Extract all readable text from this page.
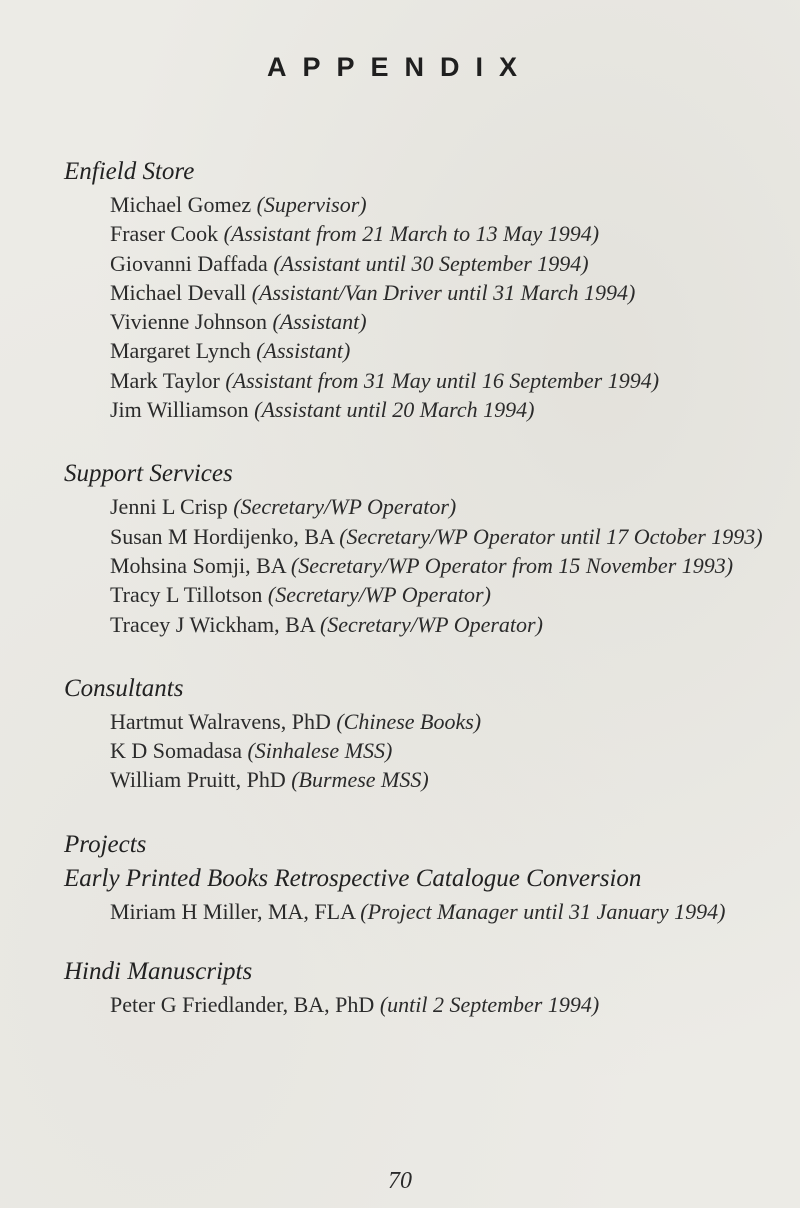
APPENDIX
Enfield Store
Michael Gomez (Supervisor)
Fraser Cook (Assistant from 21 March to 13 May 1994)
Giovanni Daffada (Assistant until 30 September 1994)
Michael Devall (Assistant/Van Driver until 31 March 1994)
Vivienne Johnson (Assistant)
Margaret Lynch (Assistant)
Mark Taylor (Assistant from 31 May until 16 September 1994)
Jim Williamson (Assistant until 20 March 1994)
Support Services
Jenni L Crisp (Secretary/WP Operator)
Susan M Hordijenko, BA (Secretary/WP Operator until 17 October 1993)
Mohsina Somji, BA (Secretary/WP Operator from 15 November 1993)
Tracy L Tillotson (Secretary/WP Operator)
Tracey J Wickham, BA (Secretary/WP Operator)
Consultants
Hartmut Walravens, PhD (Chinese Books)
K D Somadasa (Sinhalese MSS)
William Pruitt, PhD (Burmese MSS)
Projects
Early Printed Books Retrospective Catalogue Conversion
Miriam H Miller, MA, FLA (Project Manager until 31 January 1994)
Hindi Manuscripts
Peter G Friedlander, BA, PhD (until 2 September 1994)
70
